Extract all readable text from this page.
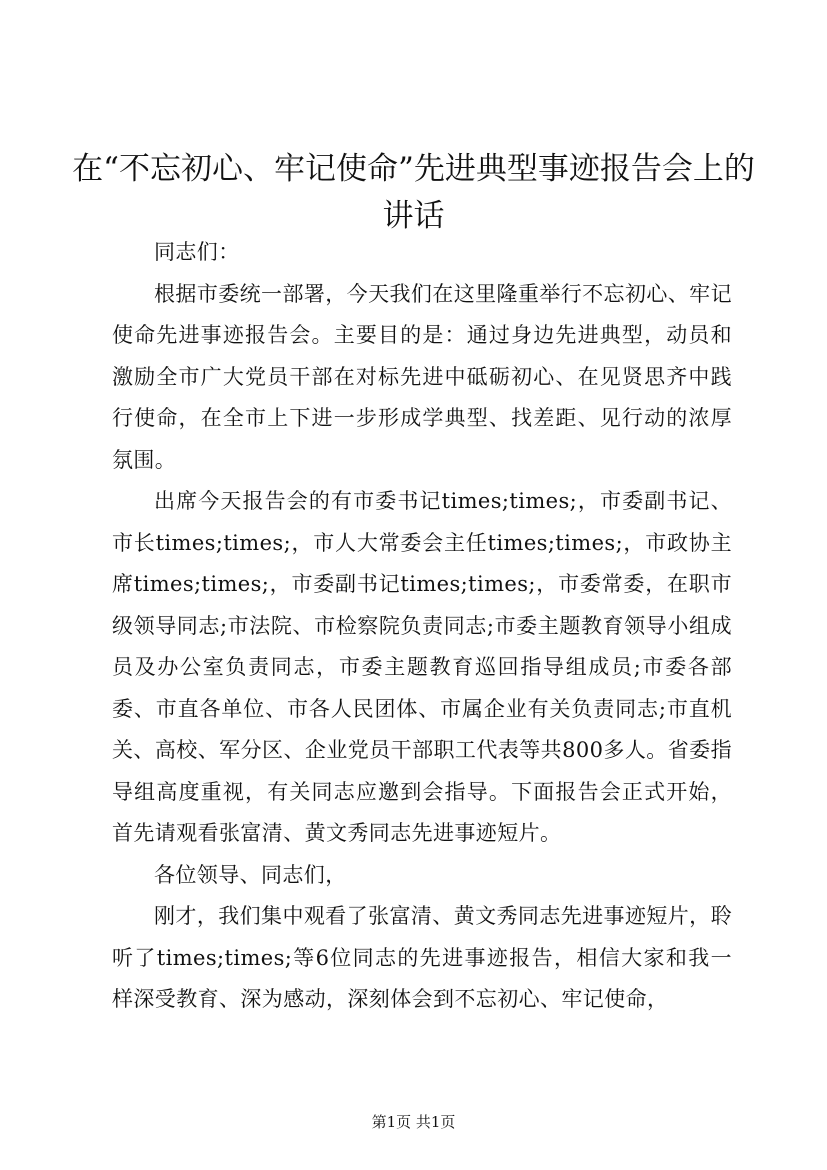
在“不忘初心、牢记使命”先进典型事迹报告会上的讲话

同志们：

根据市委统一部署，今天我们在这里隆重举行不忘初心、牢记使命先进事迹报告会。主要目的是：通过身边先进典型，动员和激励全市广大党员干部在对标先进中砥砺初心、在见贤思齐中践行使命，在全市上下进一步形成学典型、找差距、见行动的浓厚氛围。

出席今天报告会的有市委书记times;times;，市委副书记、市长times;times;，市人大常委会主任times;times;，市政协主席times;times;，市委副书记times;times;，市委常委，在职市级领导同志;市法院、市检察院负责同志;市委主题教育领导小组成员及办公室负责同志，市委主题教育巡回指导组成员;市委各部委、市直各单位、市各人民团体、市属企业有关负责同志;市直机关、高校、军分区、企业党员干部职工代表等共800多人。省委指导组高度重视，有关同志应邀到会指导。下面报告会正式开始，首先请观看张富清、黄文秀同志先进事迹短片。

各位领导、同志们，

刚才，我们集中观看了张富清、黄文秀同志先进事迹短片，聆听了times;times;等6位同志的先进事迹报告，相信大家和我一样深受教育、深为感动，深刻体会到不忘初心、牢记使命，

第1页 共1页
